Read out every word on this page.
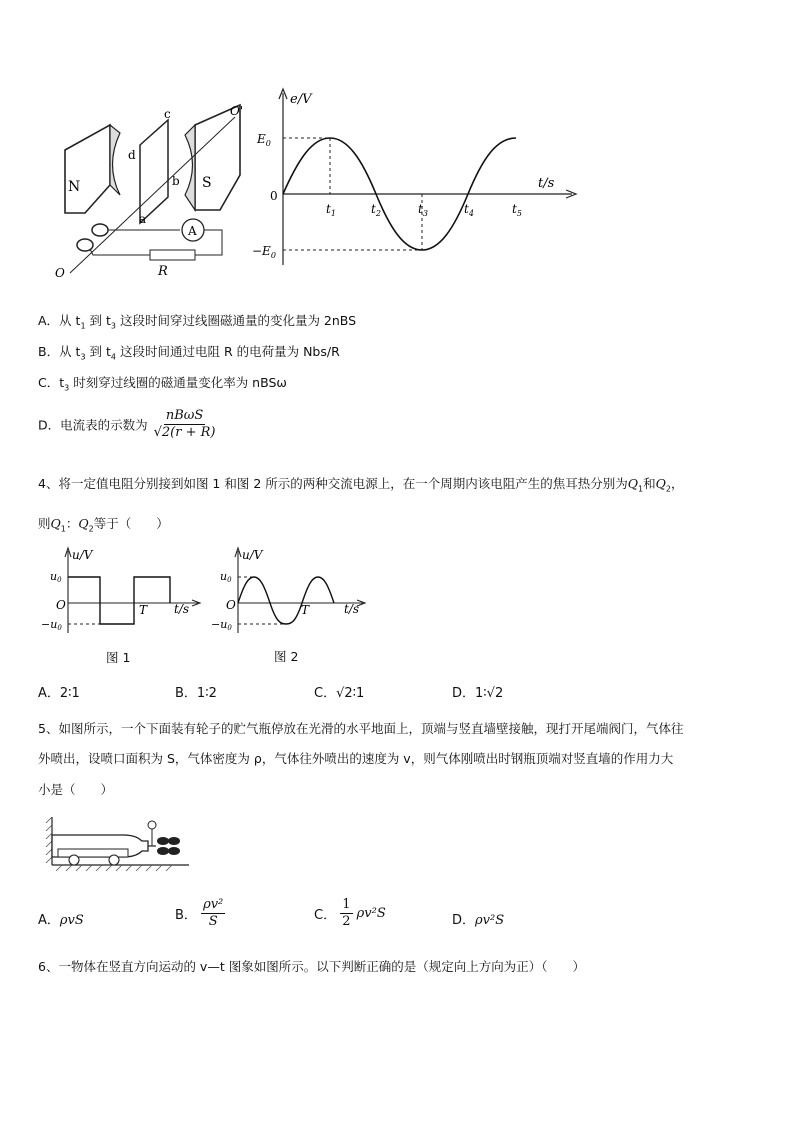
N	S
c
d
b
a
O'
O
A
R
e/V
t/s
0
$E_0$
$-E_0$
$t_1$	$t_2$	$t_3$	$t_4$	$t_5$
A．从 $t_1$ 到 $t_3$ 这段时间穿过线圈磁通量的变化量为 2nBS
B．从 $t_3$ 到 $t_4$ 这段时间通过电阻 R 的电荷量为 Nbs/R
C．$t_3$ 时刻穿过线圈的磁通量变化率为 nBSω
D．电流表的示数为 $\frac{\text{nBωS}}{√2(r + R)}$
4、将一定值电阻分别接到如图 1 和图 2 所示的两种交流电源上，在一个周期内该电阻产生的焦耳热分别为$Q_1$和$Q_2$，
则$Q_1$：$Q_2$等于（　　）
u/V
t/s
O
u0
−u0
T
图 1
u/V
t/s
O
u0
−u0
T
图 2
A．2∶1	B．1∶2	C．√2∶1	D．1∶√2
5、如图所示，一个下面装有轮子的贮气瓶停放在光滑的水平地面上，顶端与竖直墙壁接触，现打开尾端阀门，气体往
外喷出，设喷口面积为 S，气体密度为 ρ，气体往外喷出的速度为 v，则气体刚喷出时钢瓶顶端对竖直墙的作用力大
小是（　　）
A．ρvS	B． $\frac{\text{ρv²}}{S}$	C． $\frac{1}{2} \rho v^2S$	D．ρv²S
6、一物体在竖直方向运动的 v—t 图象如图所示。以下判断正确的是（规定向上方向为正）（　　）
